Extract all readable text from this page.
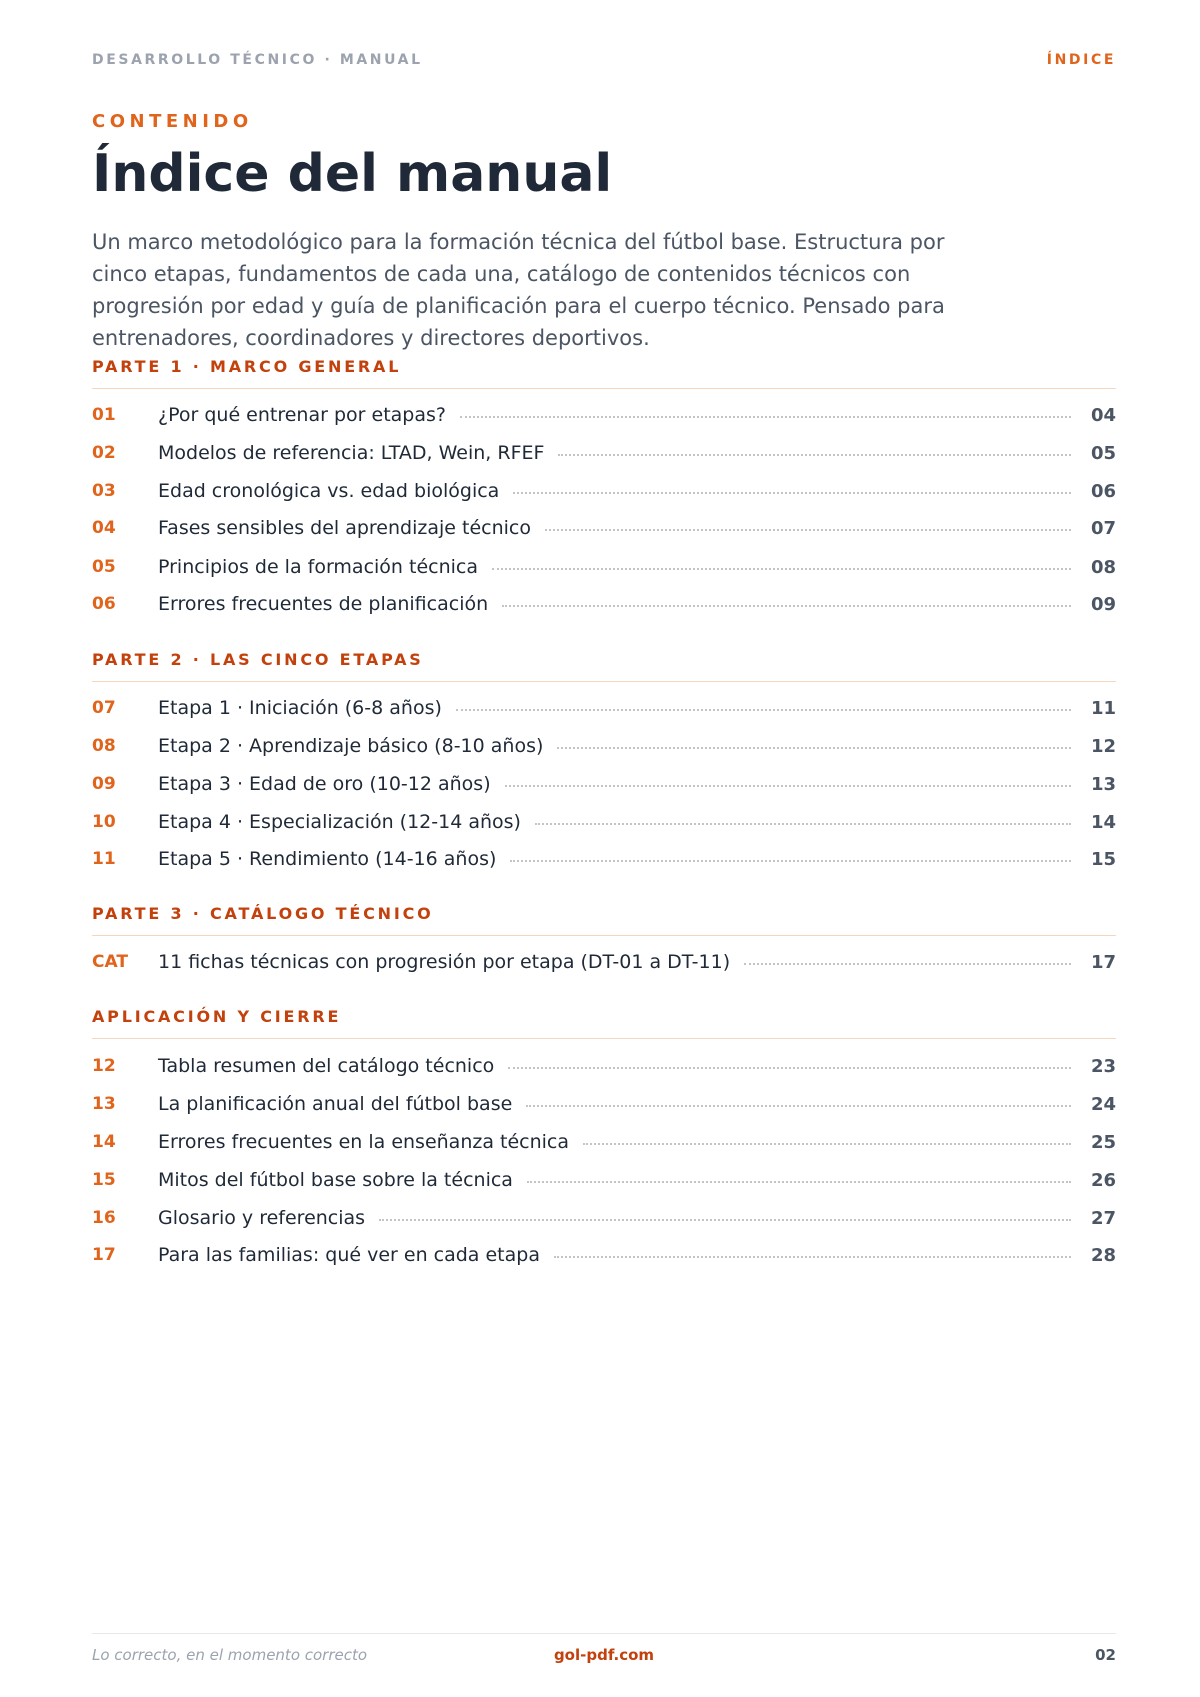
DESARROLLO TÉCNICO · MANUAL	ÍNDICE
CONTENIDO
Índice del manual

Un marco metodológico para la formación técnica del fútbol base. Estructura por cinco etapas, fundamentos de cada una, catálogo de contenidos técnicos con progresión por edad y guía de planificación para el cuerpo técnico. Pensado para entrenadores, coordinadores y directores deportivos.

PARTE 1 · MARCO GENERAL
01	¿Por qué entrenar por etapas?	04
02	Modelos de referencia: LTAD, Wein, RFEF	05
03	Edad cronológica vs. edad biológica	06
04	Fases sensibles del aprendizaje técnico	07
05	Principios de la formación técnica	08
06	Errores frecuentes de planificación	09
PARTE 2 · LAS CINCO ETAPAS
07	Etapa 1 · Iniciación (6-8 años)	11
08	Etapa 2 · Aprendizaje básico (8-10 años)	12
09	Etapa 3 · Edad de oro (10-12 años)	13
10	Etapa 4 · Especialización (12-14 años)	14
11	Etapa 5 · Rendimiento (14-16 años)	15
PARTE 3 · CATÁLOGO TÉCNICO
CAT	11 fichas técnicas con progresión por etapa (DT-01 a DT-11)	17
APLICACIÓN Y CIERRE
12	Tabla resumen del catálogo técnico	23
13	La planificación anual del fútbol base	24
14	Errores frecuentes en la enseñanza técnica	25
15	Mitos del fútbol base sobre la técnica	26
16	Glosario y referencias	27
17	Para las familias: qué ver en cada etapa	28
Lo correcto, en el momento correcto	gol-pdf.com	02
